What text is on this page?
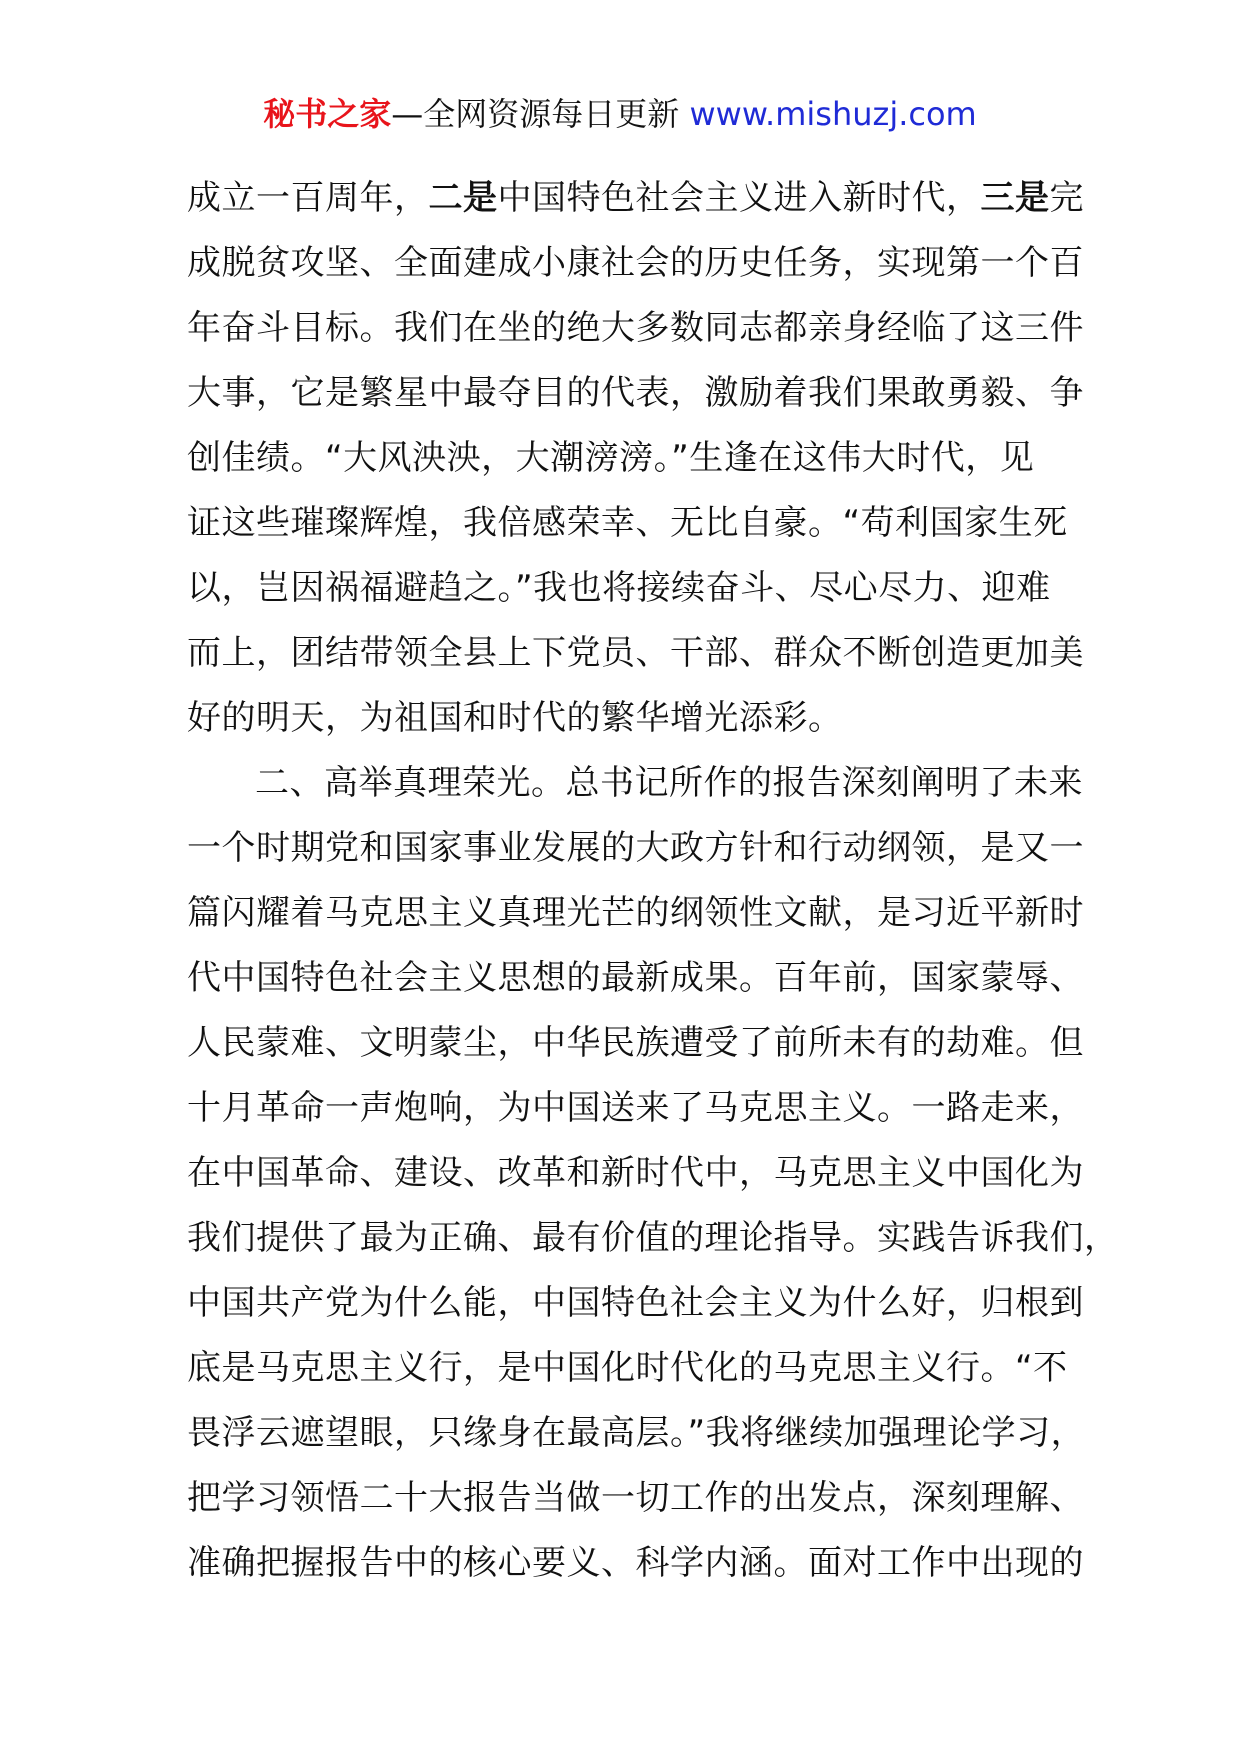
秘书之家—全网资源每日更新 www.mishuzj.com
成立一百周年，二是中国特色社会主义进入新时代，三是完
成脱贫攻坚、全面建成小康社会的历史任务，实现第一个百
年奋斗目标。我们在坐的绝大多数同志都亲身经临了这三件
大事，它是繁星中最夺目的代表，激励着我们果敢勇毅、争
创佳绩。“大风泱泱，大潮滂滂。”生逢在这伟大时代，见
证这些璀璨辉煌，我倍感荣幸、无比自豪。“苟利国家生死
以，岂因祸福避趋之。”我也将接续奋斗、尽心尽力、迎难
而上，团结带领全县上下党员、干部、群众不断创造更加美
好的明天，为祖国和时代的繁华增光添彩。
二、高举真理荣光。总书记所作的报告深刻阐明了未来
一个时期党和国家事业发展的大政方针和行动纲领，是又一
篇闪耀着马克思主义真理光芒的纲领性文献，是习近平新时
代中国特色社会主义思想的最新成果。百年前，国家蒙辱、
人民蒙难、文明蒙尘，中华民族遭受了前所未有的劫难。但
十月革命一声炮响，为中国送来了马克思主义。一路走来，
在中国革命、建设、改革和新时代中，马克思主义中国化为
我们提供了最为正确、最有价值的理论指导。实践告诉我们，
中国共产党为什么能，中国特色社会主义为什么好，归根到
底是马克思主义行，是中国化时代化的马克思主义行。“不
畏浮云遮望眼，只缘身在最高层。”我将继续加强理论学习，
把学习领悟二十大报告当做一切工作的出发点，深刻理解、
准确把握报告中的核心要义、科学内涵。面对工作中出现的
